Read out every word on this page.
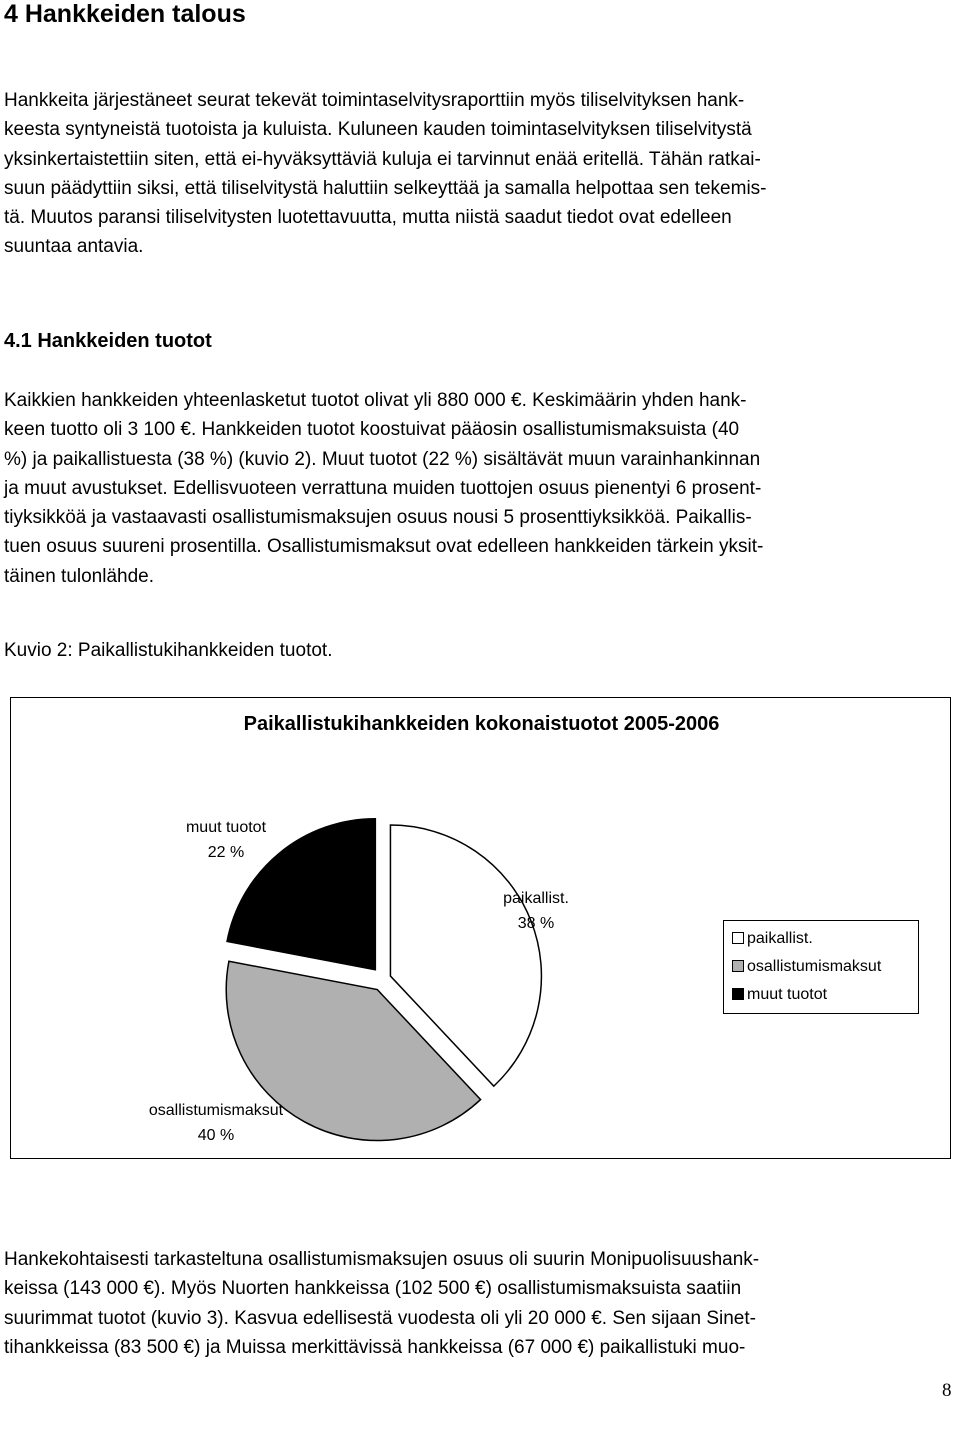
4 Hankkeiden talous
Hankkeita järjestäneet seurat tekevät toimintaselvitysraporttiin myös tiliselvityksen hank-
keesta syntyneistä tuotoista ja kuluista. Kuluneen kauden toimintaselvityksen tiliselvitystä
yksinkertaistettiin siten, että ei-hyväksyttäviä kuluja ei tarvinnut enää eritellä. Tähän ratkai-
suun päädyttiin siksi, että tiliselvitystä haluttiin selkeyttää ja samalla helpottaa sen tekemis-
tä. Muutos paransi tiliselvitysten luotettavuutta, mutta niistä saadut tiedot ovat edelleen
suuntaa antavia.
4.1 Hankkeiden tuotot
Kaikkien hankkeiden yhteenlasketut tuotot olivat yli 880 000 €. Keskimäärin yhden hank-
keen tuotto oli 3 100 €. Hankkeiden tuotot koostuivat pääosin osallistumismaksuista (40
%) ja paikallistuesta (38 %) (kuvio 2). Muut tuotot (22 %) sisältävät muun varainhankinnan
ja muut avustukset. Edellisvuoteen verrattuna muiden tuottojen osuus pienentyi 6 prosent-
tiyksikköä ja vastaavasti osallistumismaksujen osuus nousi 5 prosenttiyksikköä. Paikallis-
tuen osuus suureni prosentilla. Osallistumismaksut ovat edelleen hankkeiden tärkein yksit-
täinen tulonlähde.
Kuvio 2: Paikallistukihankkeiden tuotot.
Paikallistukihankkeiden kokonaistuotot 2005-2006
muut tuotot
22 %
paikallist.
38 %
osallistumismaksut
40 %
paikallist.
osallistumismaksut
muut tuotot
Hankekohtaisesti tarkasteltuna osallistumismaksujen osuus oli suurin Monipuolisuushank-
keissa (143 000 €). Myös Nuorten hankkeissa (102 500 €) osallistumismaksuista saatiin
suurimmat tuotot (kuvio 3). Kasvua edellisestä vuodesta oli yli 20 000 €. Sen sijaan Sinet-
tihankkeissa (83 500 €) ja Muissa merkittävissä hankkeissa (67 000 €) paikallistuki muo-
8
